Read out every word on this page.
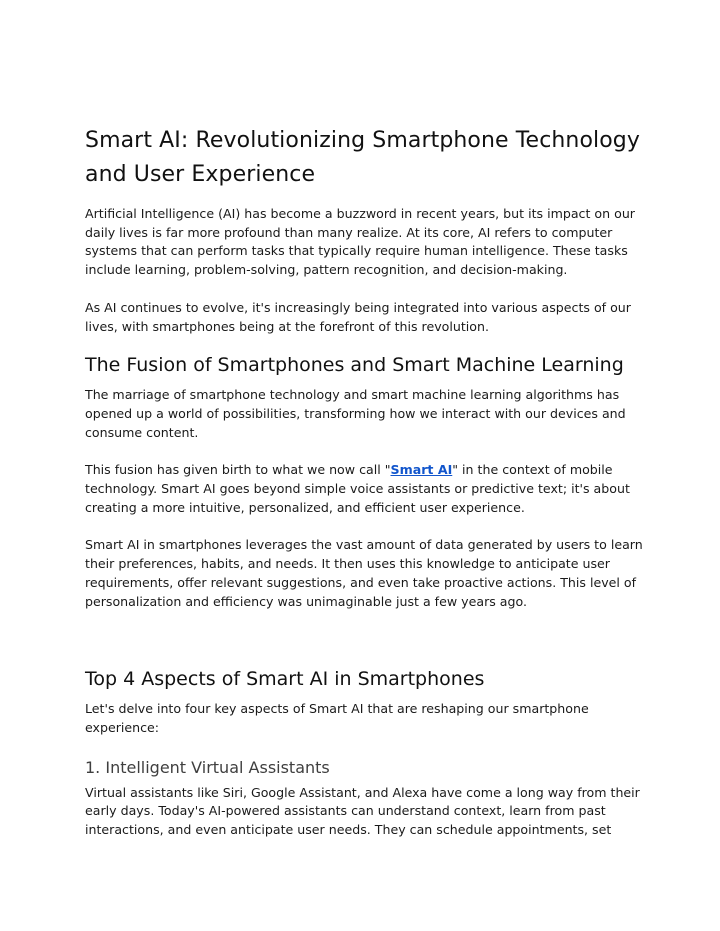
Smart AI: Revolutionizing Smartphone Technology and User Experience

Artificial Intelligence (AI) has become a buzzword in recent years, but its impact on our daily lives is far more profound than many realize. At its core, AI refers to computer systems that can perform tasks that typically require human intelligence. These tasks include learning, problem-solving, pattern recognition, and decision-making.

As AI continues to evolve, it's increasingly being integrated into various aspects of our lives, with smartphones being at the forefront of this revolution.

The Fusion of Smartphones and Smart Machine Learning

The marriage of smartphone technology and smart machine learning algorithms has opened up a world of possibilities, transforming how we interact with our devices and consume content.

This fusion has given birth to what we now call "Smart AI" in the context of mobile technology. Smart AI goes beyond simple voice assistants or predictive text; it's about creating a more intuitive, personalized, and efficient user experience.

Smart AI in smartphones leverages the vast amount of data generated by users to learn their preferences, habits, and needs. It then uses this knowledge to anticipate user requirements, offer relevant suggestions, and even take proactive actions. This level of personalization and efficiency was unimaginable just a few years ago.

Top 4 Aspects of Smart AI in Smartphones

Let's delve into four key aspects of Smart AI that are reshaping our smartphone experience:

1. Intelligent Virtual Assistants

Virtual assistants like Siri, Google Assistant, and Alexa have come a long way from their early days. Today's AI-powered assistants can understand context, learn from past interactions, and even anticipate user needs. They can schedule appointments, set
